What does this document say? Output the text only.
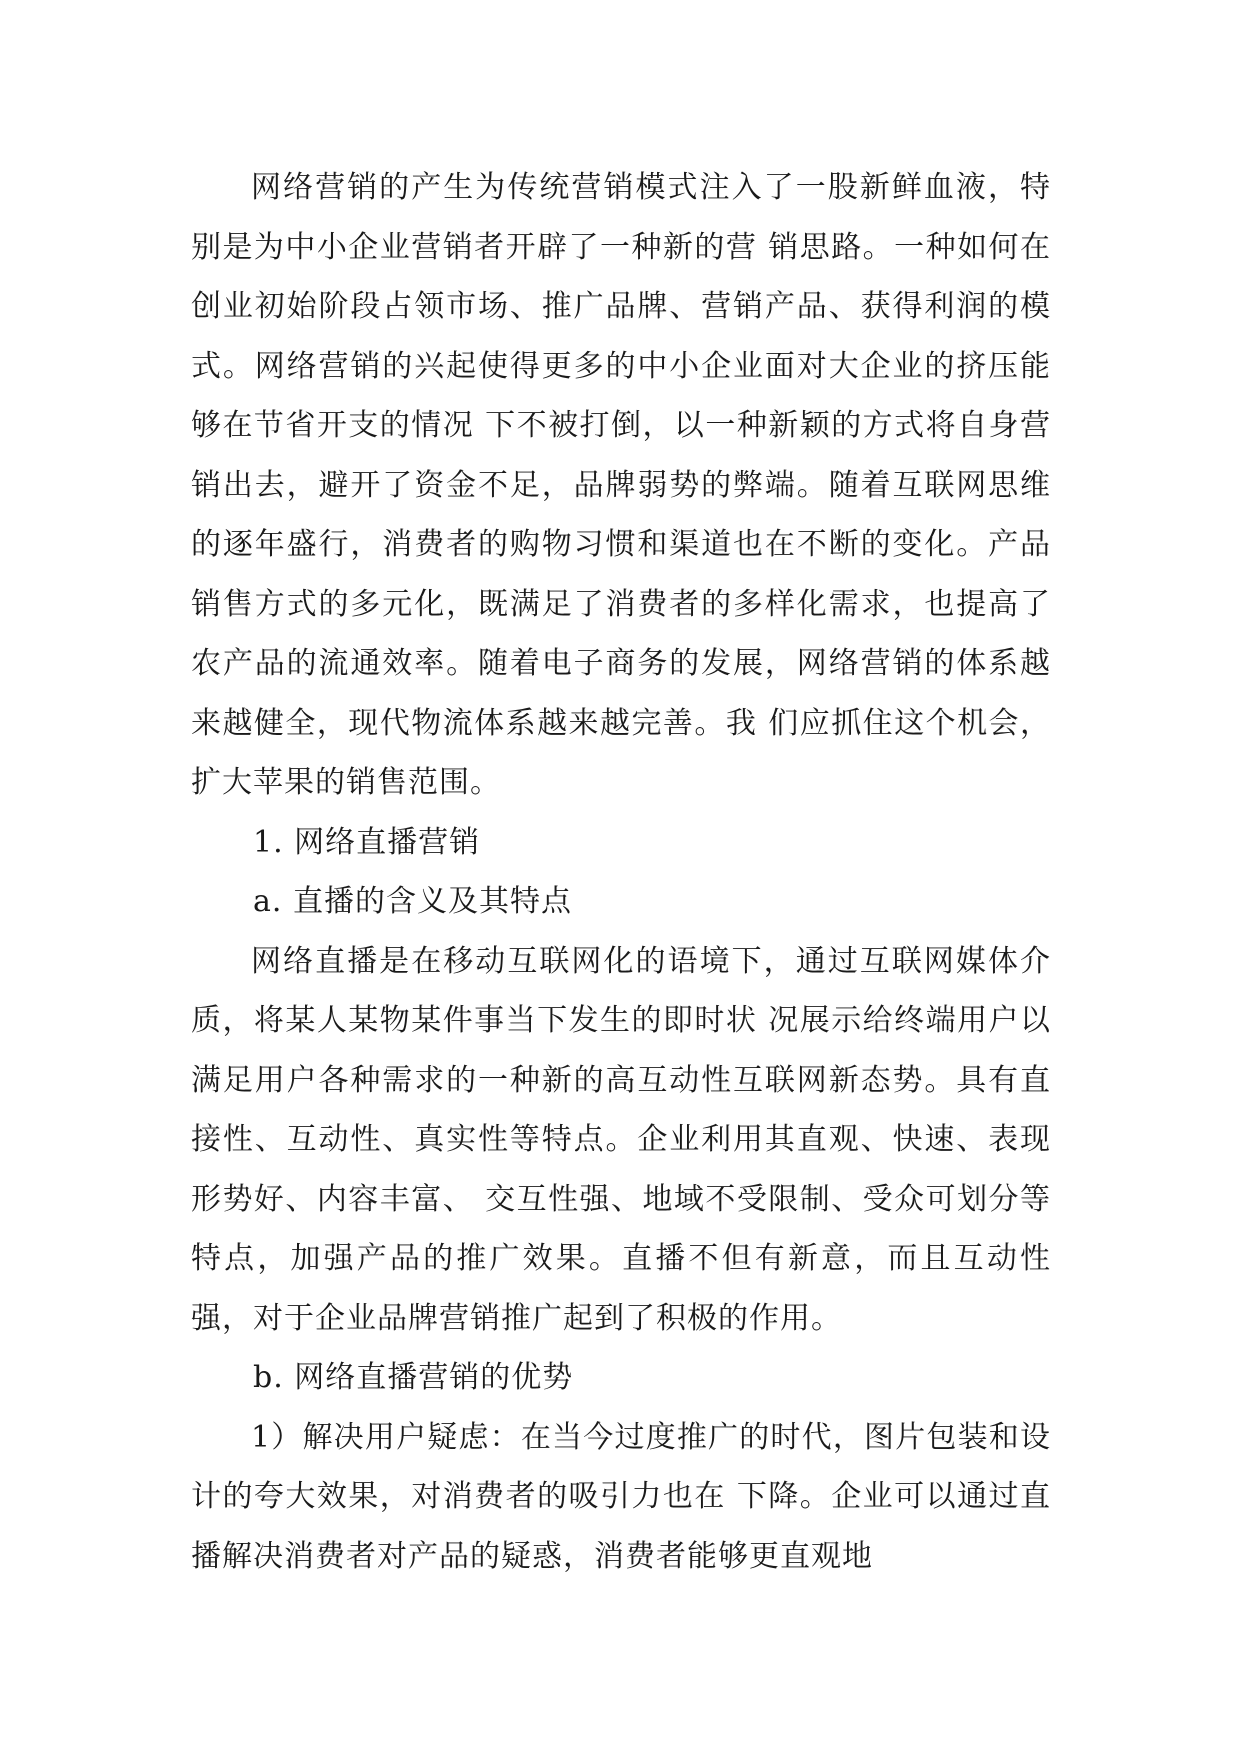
网络营销的产生为传统营销模式注入了一股新鲜血液，特别是为中小企业营销者开辟了一种新的营 销思路。一种如何在创业初始阶段占领市场、推广品牌、营销产品、获得利润的模式。网络营销的兴起使得更多的中小企业面对大企业的挤压能够在节省开支的情况 下不被打倒，以一种新颖的方式将自身营销出去，避开了资金不足，品牌弱势的弊端。随着互联网思维的逐年盛行，消费者的购物习惯和渠道也在不断的变化。产品 销售方式的多元化，既满足了消费者的多样化需求，也提高了农产品的流通效率。随着电子商务的发展，网络营销的体系越来越健全，现代物流体系越来越完善。我 们应抓住这个机会，扩大苹果的销售范围。

1. 网络直播营销

a. 直播的含义及其特点

网络直播是在移动互联网化的语境下，通过互联网媒体介质，将某人某物某件事当下发生的即时状 况展示给终端用户以满足用户各种需求的一种新的高互动性互联网新态势。具有直接性、互动性、真实性等特点。企业利用其直观、快速、表现形势好、内容丰富、 交互性强、地域不受限制、受众可划分等特点，加强产品的推广效果。直播不但有新意，而且互动性强，对于企业品牌营销推广起到了积极的作用。

b. 网络直播营销的优势

1）解决用户疑虑：在当今过度推广的时代，图片包装和设计的夸大效果，对消费者的吸引力也在 下降。企业可以通过直播解决消费者对产品的疑惑，消费者能够更直观地
